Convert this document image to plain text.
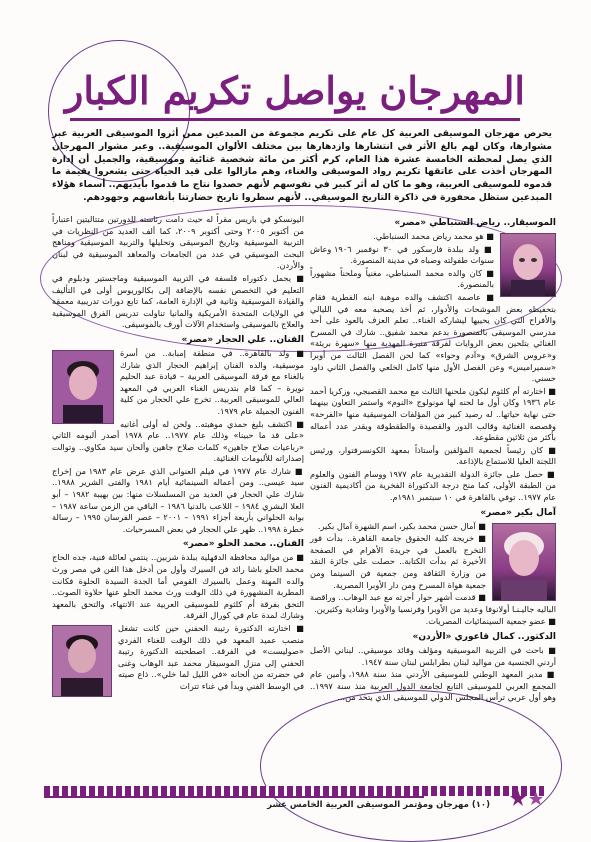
المهرجان يواصل تكريم الكبار
يحرص مهرجان الموسيقى العربية كل عام على تكريم مجموعة من المبدعين ممن أثروا الموسيقى العربية عبر مشوارها، وكان لهم بالغ الأثر في انتشارها وازدهارها بين مختلف الألوان الموسيقية.. وعبر مشوار المهرجان الذي يصل لمحطته الخامسة عشرة هذا العام، كرم أكثر من مائة شخصية غنائية وموسيقية، والجميل أن إدارة المهرجان أخذت على عاتقها تكريم رواد الموسيقى والغناء، وهم مازالوا على قيد الحياة حتى يشعروا بقيمة ما قدموه للموسيقى العربية، وهو ما كان له أثر كبير في نفوسهم لأنهم حصدوا نتاج ما قدموا بأيديهم.. أسماء هؤلاء المبدعين ستظل محفورة في ذاكرة التاريخ الموسيقي.. لأنهم سطروا تاريخ حضارتنا بأنفاسهم وجهودهم.
الموسيقار.. رياض السنباطي «مصر»

■ هو محمد رياض محمد السنباطي.

■ ولد ببلدة فارسكور في ٣٠ نوفمبر ١٩٠٦ وعاش سنوات طفولته وصباه في مدينة المنصورة.

■ كان والده محمد السنباطي، مغنياً وملحناً مشهوراً بالمنصورة.

■ عاصمة اكتشف والده موهبة ابنه الفطرية فقام بتحفيظه بعض الموشحات والأدوار، ثم أخذ يصحبه معه في الليالي والأفراح التي كان يحييها ليشاركه الغناء.. تعلم العزف بالعود على أحد مدرسي الموسيقى بالمنصورة بدعم محمد شفيق.. شارك في المسرح الغنائي بتلحين بعض الروايات لفرقة منيرة المهدية منها «سهرة بريئة» و«عروس الشرق» و«آدم وحواء» كما لحن الفصل الثالث من أوبرا «سميراميس» وعن الفصل الأول منها كامل الخلعي والفصل الثاني داود حسني.

■ اختارته أم كلثوم ليكون ملحنها الثالث مع محمد القصبجي، وزكريا أحمد عام ١٩٣٦ وكان أول ما لحنه لها مونولوج «النوم» واستمر التعاون بينهما حتى نهاية حياتها.. له رصيد كبير من المؤلفات الموسيقية منها «الفرحة» وقصصه الغنائية وقالب الدور والقصيدة والطقطوقة ويقدر عدد أعماله بأكثر من ثلاثين مقطوعة.

■ كان رئيساً لجمعية المؤلفين وأستاذاً بمعهد الكونسرفتوار، ورئيس اللجنة العليا للاستماع بالإذاعة.

■ حصل على جائزة الدولة التقديرية عام ١٩٧٧ ووسام الفنون والعلوم من الطبقة الأولى، كما منح درجة الدكتوراة الفخرية من أكاديمية الفنون عام ١٩٧٧.. توفي بالقاهرة في ١٠ سبتمبر ١٩٨١م.

آمال بكير «مصر»

■ آمال حسن محمد بكير، اسم الشهرة آمال بكير.

■ خريجة كلية الحقوق جامعة القاهرة.. بدأت فور التخرج بالعمل في جريدة الأهرام في الصفحة الأخيرة ثم بدأت الكتابة.. حصلت على جائزة النقد من وزارة الثقافة ومن جمعية فن السينما ومن جمعية هواة المسرح ومن دار الأوبرا المصرية.

■ قدمت أشهر حوار أجرته مع عبد الوهاب.. وراقصة الباليه جاليـنـا أولانوفا وعديد من الأوبرا وفرنسيا والأوبرا وشادية وكثيرين.

■ عضو جمعية السينمائيات المصريات.

الدكتور.. كمال قاعوري «الأردن»

■ باحث في التربية الموسيقية ومؤلف وقائد موسيقي.. لبناني الأصل أردني الجنسية من مواليد لبنان بطرابلس لبنان سنة ١٩٤٧.

■ مدير المعهد الوطني للموسيقى الأردني منذ سنة ١٩٨٨، وأمين عام المجمع العربي للموسيقى التابع لجامعة الدول العربية منذ سنة ١٩٩٧.. وهو أول عربي ترأس المجلس الدولي للموسيقى الذي يتخذ من...

اليونسكو في باريس مقراً له حيث دامت رئاسته للدورتين متتاليتين اعتباراً من أكتوبر ٢٠٠٥ وحتى أكتوبر ٢٠٠٩، كما ألف العديد من النظريات في التربية الموسيقية وتاريخ الموسيقى وتحليلها والتربية الموسيقية ومناهج البحث الموسيقي في عدد من الجامعات والمعاهد الموسيقية في لبنان والأردن.

■ يحمل دكتوراه فلسفة في التربية الموسيقية وماجستير ودبلوم في التعليم في التخصص نفسه بالإضافة إلى بكالوريوس أولى في التأليف والقيادة الموسيقية وثانية في الإدارة العامة، كما تابع دورات تدريبية معمقة في الولايات المتحدة الأمريكية والمانيا تناولت تدريس الفرق الموسيقية والعلاج بالموسيقى واستخدام الآلات أورف بالموسيقى.

الفنان.. علي الحجار «مصر»

■ ولد بالقاهرة.. في منطقة إمبابة.. من أسرة موسيقية، والده الفنان إبراهيم الحجار الذي شارك بالغناء مع فرقة الموسيقى العربية – قيادة عبد الحليم نويرة – كما قام بتدريس الغناء العربي في المعهد العالي للموسيقى العربية.. تخرج علي الحجار من كلية الفنون الجميلة عام ١٩٧٩.

■ اكتشف بليغ حمدي موهبته.. ولحن له أولى أغانيه «على قد ما حبينا» وذلك عام ١٩٧٧.. عام ١٩٧٨ أصدر ألبومه الثاني «رباعيات صلاح جاهين» كلمات صلاح جاهين وألحان سيد مكاوي.. وتوالت إصداراته للألبومات الغنائية.

■ شارك عام ١٩٧٧ في فيلم العنوانى الذي عرض عام ١٩٨٣ من إخراج سيد عيسى.. ومن أعماله السينمائية أيام ١٩٨١ والفتى الشرير ١٩٨٨.. شارك علي الحجار في العديد من المسلسلات منها: بين بهيبة ١٩٨٢ – أبو العلا البشري ١٩٨٤ – اللاعب بالدنيا ١٩٨٦ – الباقي من الزمن ساعة ١٩٨٧ – بوابة الحلواني بأربعة أجزاء ١٩٩١ – ٢٠٠١ – عصر الفرسان ١٩٩٥ – رسالة خطرة ١٩٩٨.. ظهر علي الحجار في بعض المسرحيات.

الفنان.. محمد الحلو «مصر»

■ من مواليد محافظة الدقهلية ببلدة شربين.. ينتمي لعائلة فنية، جده الحاج محمد الحلو باشا رائد فن السيرك وأول من أدخل هذا الفن في مصر ورث والده المهنة وعمل بالسيرك القومي أما الجدة السيدة الحلوة فكانت المطربة المشهورة في ذلك الوقت ورث محمد الحلو عنها حلاوة الصوت.. التحق بفرقة أم كلثوم للموسيقى العربية عند الانتهاء، والتحق بالمعهد وشارك لمدة عام في كورال الفرقة.

■ اختارته الدكتورة رتيبة الحفني حين كانت تشغل منصب عميد المعهد في ذلك الوقت للغناء الفردي «صوليست» في الفرقة.. اصطحبته الدكتورة رتيبة الحفني إلى منزل الموسيقار محمد عبد الوهاب وغنى في حضرته من ألحانه «في الليل لما خلي».. ذاع صيته في الوسط الفني وبدأ في غناء تترات

(١٠) مهرجان ومؤتمر الموسيقى العربية الخامس عشر
